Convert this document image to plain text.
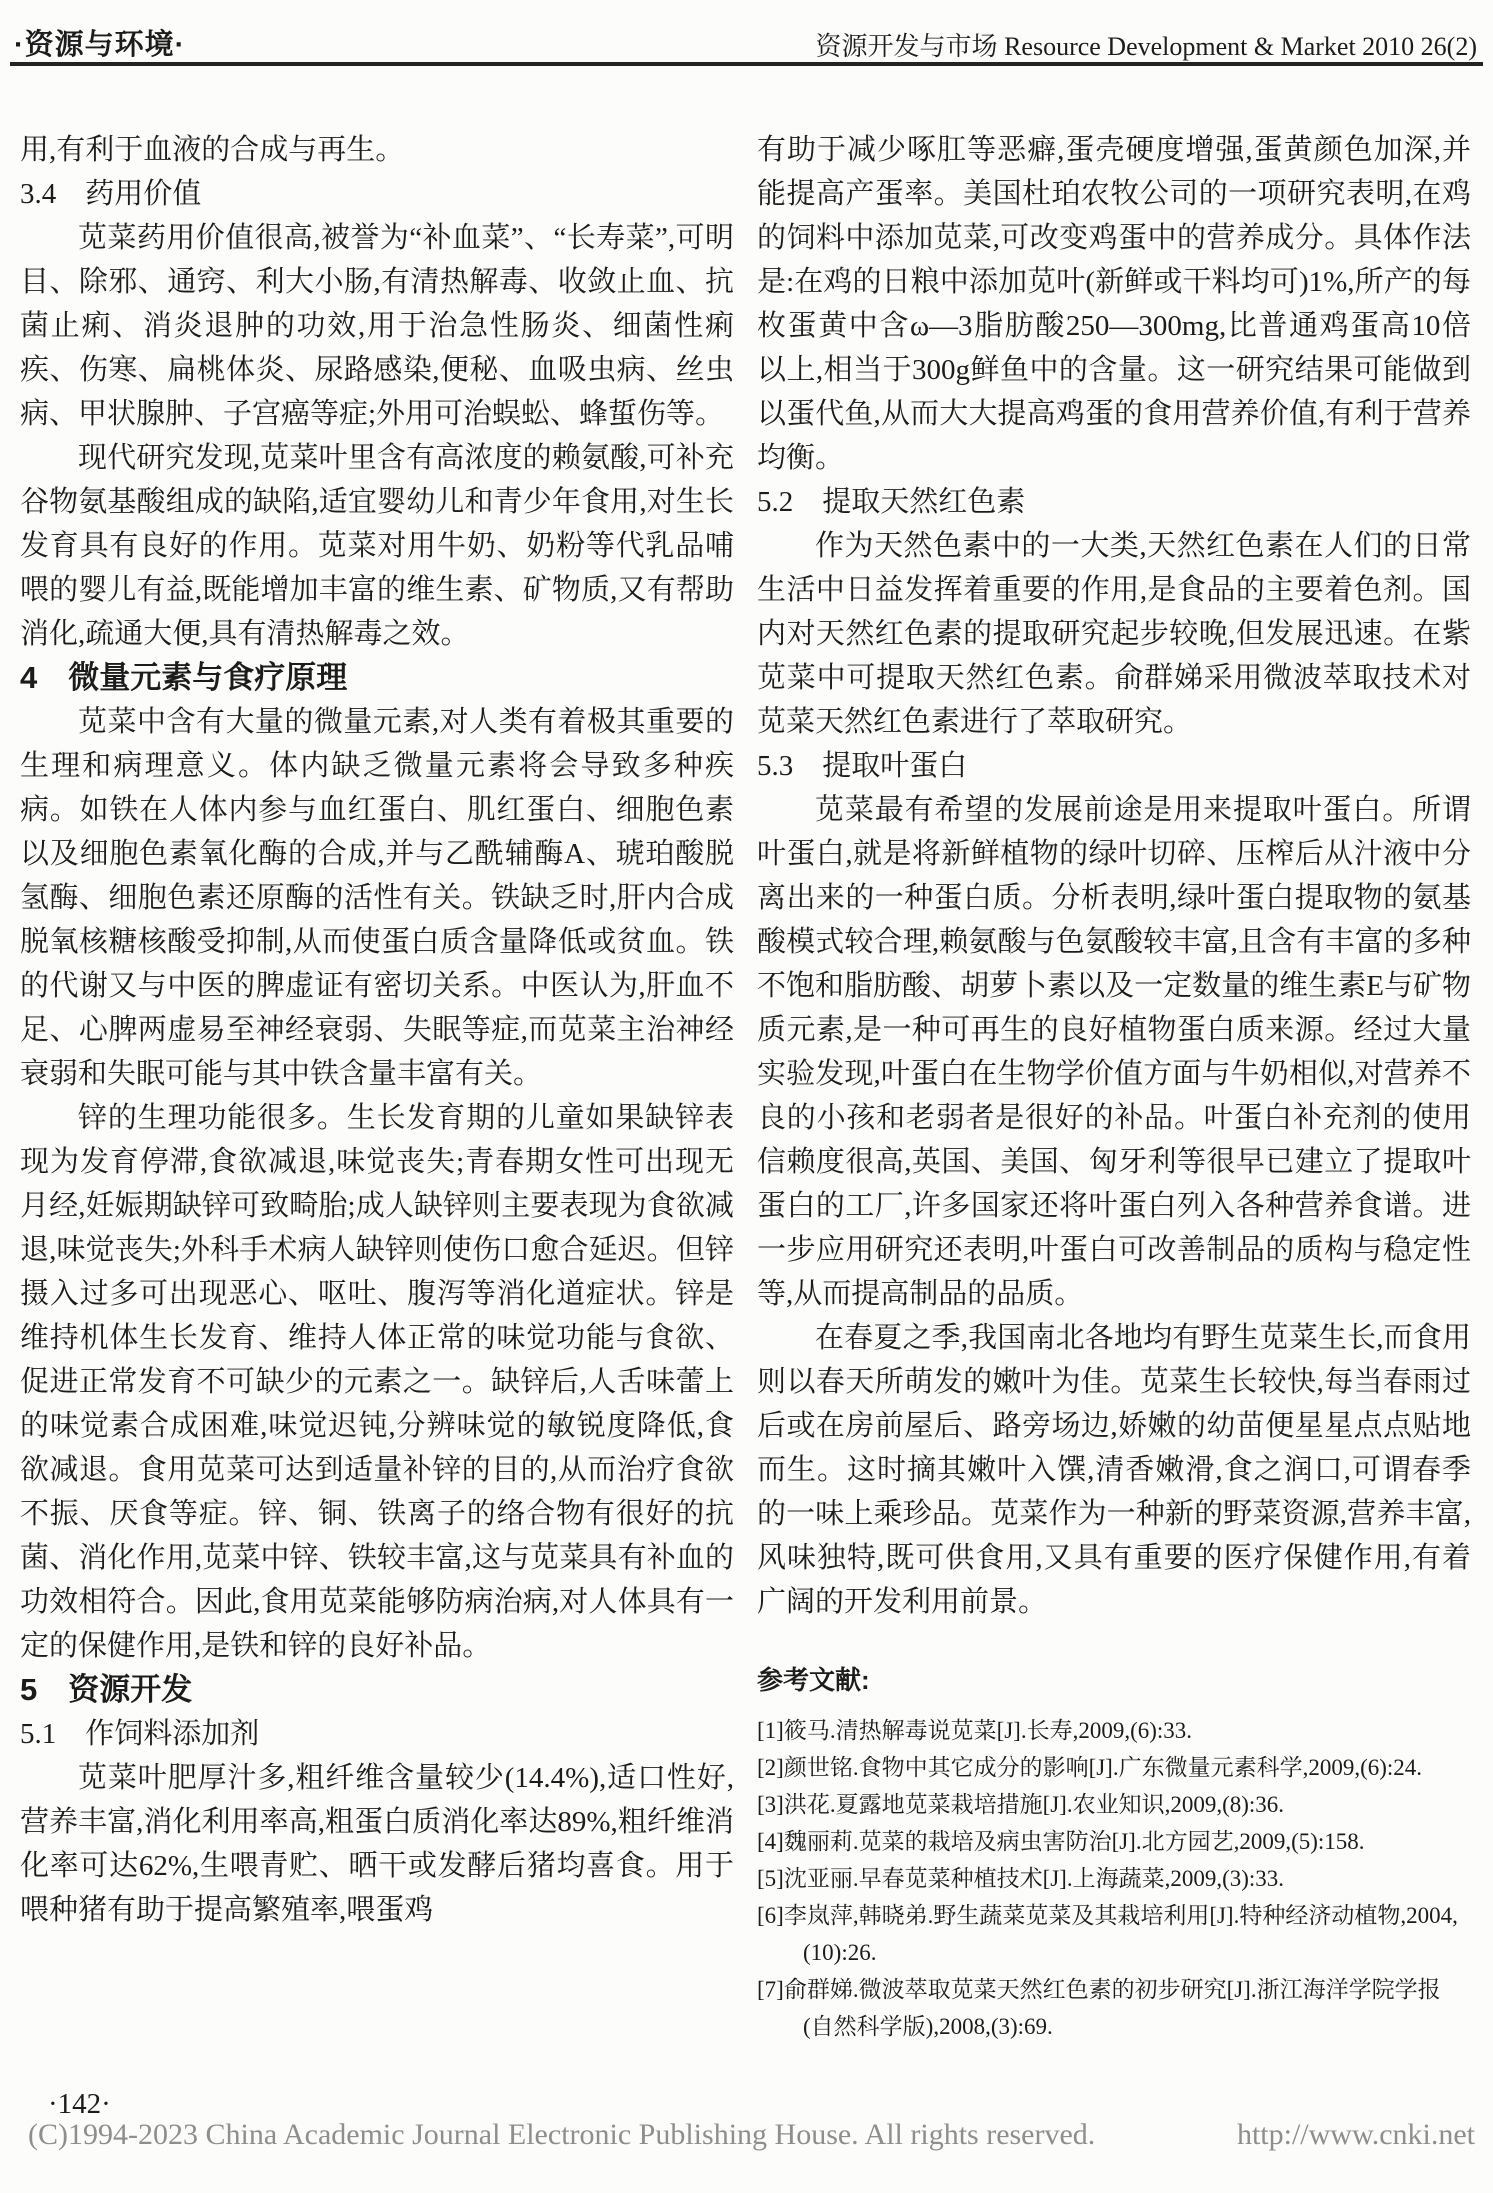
·资源与环境·	资源开发与市场 Resource Development & Market 2010 26(2)

用,有利于血液的合成与再生。

3.4　药用价值

苋菜药用价值很高,被誉为“补血菜”、“长寿菜”,可明目、除邪、通窍、利大小肠,有清热解毒、收敛止血、抗菌止痢、消炎退肿的功效,用于治急性肠炎、细菌性痢疾、伤寒、扁桃体炎、尿路感染,便秘、血吸虫病、丝虫病、甲状腺肿、子宫癌等症;外用可治蜈蚣、蜂蜇伤等。

现代研究发现,苋菜叶里含有高浓度的赖氨酸,可补充谷物氨基酸组成的缺陷,适宜婴幼儿和青少年食用,对生长发育具有良好的作用。苋菜对用牛奶、奶粉等代乳品哺喂的婴儿有益,既能增加丰富的维生素、矿物质,又有帮助消化,疏通大便,具有清热解毒之效。

4　微量元素与食疗原理

苋菜中含有大量的微量元素,对人类有着极其重要的生理和病理意义。体内缺乏微量元素将会导致多种疾病。如铁在人体内参与血红蛋白、肌红蛋白、细胞色素以及细胞色素氧化酶的合成,并与乙酰辅酶A、琥珀酸脱氢酶、细胞色素还原酶的活性有关。铁缺乏时,肝内合成脱氧核糖核酸受抑制,从而使蛋白质含量降低或贫血。铁的代谢又与中医的脾虚证有密切关系。中医认为,肝血不足、心脾两虚易至神经衰弱、失眠等症,而苋菜主治神经衰弱和失眠可能与其中铁含量丰富有关。

锌的生理功能很多。生长发育期的儿童如果缺锌表现为发育停滞,食欲减退,味觉丧失;青春期女性可出现无月经,妊娠期缺锌可致畸胎;成人缺锌则主要表现为食欲减退,味觉丧失;外科手术病人缺锌则使伤口愈合延迟。但锌摄入过多可出现恶心、呕吐、腹泻等消化道症状。锌是维持机体生长发育、维持人体正常的味觉功能与食欲、促进正常发育不可缺少的元素之一。缺锌后,人舌味蕾上的味觉素合成困难,味觉迟钝,分辨味觉的敏锐度降低,食欲减退。食用苋菜可达到适量补锌的目的,从而治疗食欲不振、厌食等症。锌、铜、铁离子的络合物有很好的抗菌、消化作用,苋菜中锌、铁较丰富,这与苋菜具有补血的功效相符合。因此,食用苋菜能够防病治病,对人体具有一定的保健作用,是铁和锌的良好补品。

5　资源开发

5.1　作饲料添加剂

苋菜叶肥厚汁多,粗纤维含量较少(14.4%),适口性好,营养丰富,消化利用率高,粗蛋白质消化率达89%,粗纤维消化率可达62%,生喂青贮、晒干或发酵后猪均喜食。用于喂种猪有助于提高繁殖率,喂蛋鸡

有助于减少啄肛等恶癖,蛋壳硬度增强,蛋黄颜色加深,并能提高产蛋率。美国杜珀农牧公司的一项研究表明,在鸡的饲料中添加苋菜,可改变鸡蛋中的营养成分。具体作法是:在鸡的日粮中添加苋叶(新鲜或干料均可)1%,所产的每枚蛋黄中含ω—3脂肪酸250—300mg,比普通鸡蛋高10倍以上,相当于300g鲜鱼中的含量。这一研究结果可能做到以蛋代鱼,从而大大提高鸡蛋的食用营养价值,有利于营养均衡。

5.2　提取天然红色素

作为天然色素中的一大类,天然红色素在人们的日常生活中日益发挥着重要的作用,是食品的主要着色剂。国内对天然红色素的提取研究起步较晚,但发展迅速。在紫苋菜中可提取天然红色素。俞群娣采用微波萃取技术对苋菜天然红色素进行了萃取研究。

5.3　提取叶蛋白

苋菜最有希望的发展前途是用来提取叶蛋白。所谓叶蛋白,就是将新鲜植物的绿叶切碎、压榨后从汁液中分离出来的一种蛋白质。分析表明,绿叶蛋白提取物的氨基酸模式较合理,赖氨酸与色氨酸较丰富,且含有丰富的多种不饱和脂肪酸、胡萝卜素以及一定数量的维生素E与矿物质元素,是一种可再生的良好植物蛋白质来源。经过大量实验发现,叶蛋白在生物学价值方面与牛奶相似,对营养不良的小孩和老弱者是很好的补品。叶蛋白补充剂的使用信赖度很高,英国、美国、匈牙利等很早已建立了提取叶蛋白的工厂,许多国家还将叶蛋白列入各种营养食谱。进一步应用研究还表明,叶蛋白可改善制品的质构与稳定性等,从而提高制品的品质。

在春夏之季,我国南北各地均有野生苋菜生长,而食用则以春天所萌发的嫩叶为佳。苋菜生长较快,每当春雨过后或在房前屋后、路旁场边,娇嫩的幼苗便星星点点贴地而生。这时摘其嫩叶入馔,清香嫩滑,食之润口,可谓春季的一味上乘珍品。苋菜作为一种新的野菜资源,营养丰富,风味独特,既可供食用,又具有重要的医疗保健作用,有着广阔的开发利用前景。

参考文献:

[1]筱马.清热解毒说苋菜[J].长寿,2009,(6):33.

[2]颜世铭.食物中其它成分的影响[J].广东微量元素科学,2009,(6):24.

[3]洪花.夏露地苋菜栽培措施[J].农业知识,2009,(8):36.

[4]魏丽莉.苋菜的栽培及病虫害防治[J].北方园艺,2009,(5):158.

[5]沈亚丽.早春苋菜种植技术[J].上海蔬菜,2009,(3):33.

[6]李岚萍,韩晓弟.野生蔬菜苋菜及其栽培利用[J].特种经济动植物,2004,(10):26.

[7]俞群娣.微波萃取苋菜天然红色素的初步研究[J].浙江海洋学院学报(自然科学版),2008,(3):69.

·142·
(C)1994-2023 China Academic Journal Electronic Publishing House. All rights reserved.	http://www.cnki.net
